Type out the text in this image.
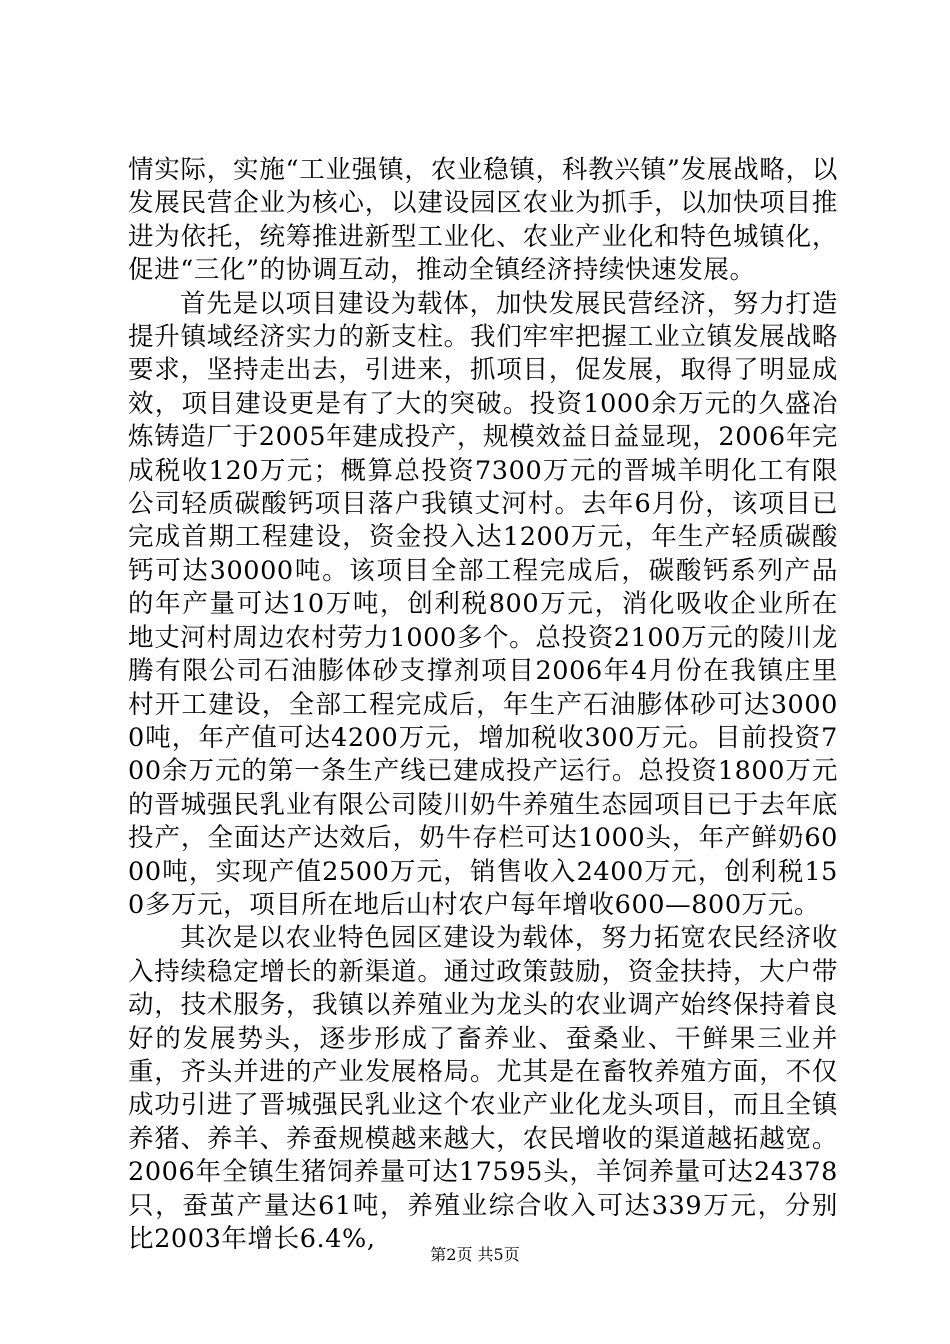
情实际，实施“工业强镇，农业稳镇，科教兴镇”发展战略，以发展民营企业为核心，以建设园区农业为抓手，以加快项目推进为依托，统筹推进新型工业化、农业产业化和特色城镇化，促进“三化”的协调互动，推动全镇经济持续快速发展。

首先是以项目建设为载体，加快发展民营经济，努力打造提升镇域经济实力的新支柱。我们牢牢把握工业立镇发展战略要求，坚持走出去，引进来，抓项目，促发展，取得了明显成效，项目建设更是有了大的突破。投资1000余万元的久盛冶炼铸造厂于2005年建成投产，规模效益日益显现，2006年完成税收120万元；概算总投资7300万元的晋城羊明化工有限公司轻质碳酸钙项目落户我镇丈河村。去年6月份，该项目已完成首期工程建设，资金投入达1200万元，年生产轻质碳酸钙可达30000吨。该项目全部工程完成后，碳酸钙系列产品的年产量可达10万吨，创利税800万元，消化吸收企业所在地丈河村周边农村劳力1000多个。总投资2100万元的陵川龙腾有限公司石油膨体砂支撑剂项目2006年4月份在我镇庄里村开工建设，全部工程完成后，年生产石油膨体砂可达30000吨，年产值可达4200万元，增加税收300万元。目前投资700余万元的第一条生产线已建成投产运行。总投资1800万元的晋城强民乳业有限公司陵川奶牛养殖生态园项目已于去年底投产，全面达产达效后，奶牛存栏可达1000头，年产鲜奶6000吨，实现产值2500万元，销售收入2400万元，创利税150多万元，项目所在地后山村农户每年增收600—800万元。

其次是以农业特色园区建设为载体，努力拓宽农民经济收入持续稳定增长的新渠道。通过政策鼓励，资金扶持，大户带动，技术服务，我镇以养殖业为龙头的农业调产始终保持着良好的发展势头，逐步形成了畜养业、蚕桑业、干鲜果三业并重，齐头并进的产业发展格局。尤其是在畜牧养殖方面，不仅成功引进了晋城强民乳业这个农业产业化龙头项目，而且全镇养猪、养羊、养蚕规模越来越大，农民增收的渠道越拓越宽。2006年全镇生猪饲养量可达17595头，羊饲养量可达24378只，蚕茧产量达61吨，养殖业综合收入可达339万元，分别比2003年增长6.4%,

第2页 共5页
